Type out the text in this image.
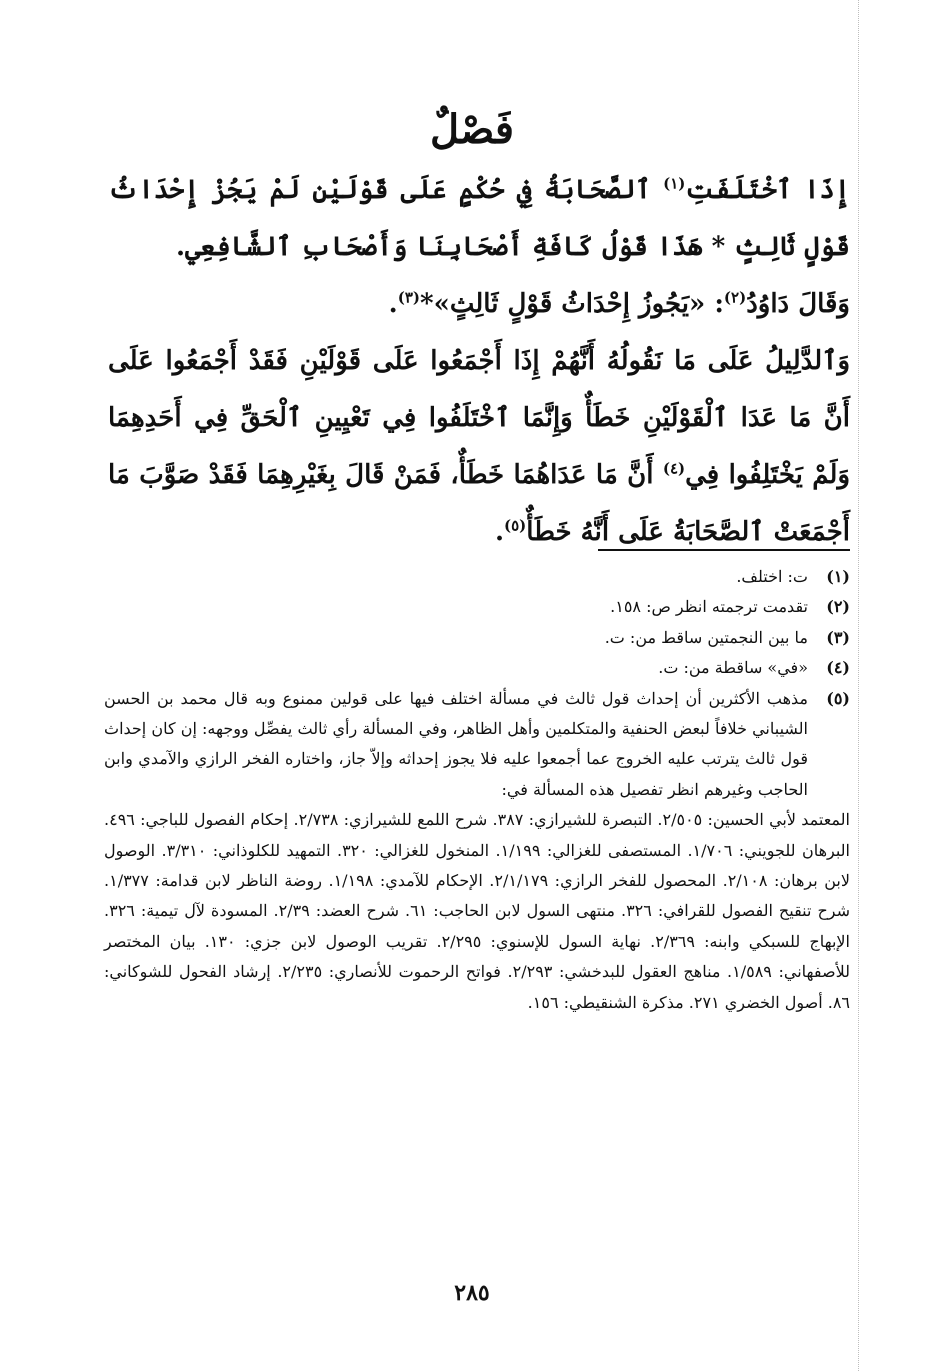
فَصْلٌ

إِذَا ٱخْتَلَفَتِ$^{(١)}$ ٱلصَّحَابَةُ فِي حُكْمٍ عَلَى قَوْلَيْنِ لَمْ يَجُزْ إِحْدَاثُ قَوْلٍ ثَالِثٍ * هَذَا قَوْلُ كَافَةِ أَصْحَابِنَا وَأَصْحَابِ ٱلشَّافِعِي.

وَقَالَ دَاوُدُ$^{(٢)}$: «يَجُوزُ إِحْدَاثُ قَوْلٍ ثَالِثٍ»*$^{(٣)}$.

وَٱلدَّلِيلُ عَلَى مَا نَقُولُهُ أَنَّهُمْ إِذَا أَجْمَعُوا عَلَى قَوْلَيْنِ فَقَدْ أَجْمَعُوا عَلَى أَنَّ مَا عَدَا ٱلْقَوْلَيْنِ خَطَأٌ وَإِنَّمَا ٱخْتَلَفُوا فِي تَعْيِينِ ٱلْحَقِّ فِي أَحَدِهِمَا وَلَمْ يَخْتَلِفُوا فِي$^{(٤)}$ أَنَّ مَا عَدَاهُمَا خَطَأٌ، فَمَنْ قَالَ بِغَيْرِهِمَا فَقَدْ صَوَّبَ مَا أَجْمَعَتْ ٱلصَّحَابَةُ عَلَى أَنَّهُ خَطَأٌ$^{(٥)}$.

(١)
ت: اختلف.
(٢)
تقدمت ترجمته انظر ص: ١٥٨.
(٣)
ما بين النجمتين ساقط من: ت.
(٤)
«في» ساقطة من: ت.
(٥)
مذهب الأكثرين أن إحداث قول ثالث في مسألة اختلف فيها على قولين ممنوع وبه قال محمد بن الحسن الشيباني خلافاً لبعض الحنفية والمتكلمين وأهل الظاهر، وفي المسألة رأي ثالث يفصِّل ووجهه: إن كان إحداث قول ثالث يترتب عليه الخروج عما أجمعوا عليه فلا يجوز إحداثه وإلاّ جاز، واختاره الفخر الرازي والآمدي وابن الحاجب وغيرهم انظر تفصيل هذه المسألة في:
المعتمد لأبي الحسين: ٢/٥٠٥. التبصرة للشيرازي: ٣٨٧. شرح اللمع للشيرازي: ٢/٧٣٨. إحكام الفصول للباجي: ٤٩٦. البرهان للجويني: ١/٧٠٦. المستصفى للغزالي: ١/١٩٩. المنخول للغزالي: ٣٢٠. التمهيد للكلوذاني: ٣/٣١٠. الوصول لابن برهان: ٢/١٠٨. المحصول للفخر الرازي: ٢/١/١٧٩. الإحكام للآمدي: ١/١٩٨. روضة الناظر لابن قدامة: ١/٣٧٧. شرح تنقيح الفصول للقرافي: ٣٢٦. منتهى السول لابن الحاجب: ٦١. شرح العضد: ٢/٣٩. المسودة لآل تيمية: ٣٢٦. الإبهاج للسبكي وابنه: ٢/٣٦٩. نهاية السول للإسنوي: ٢/٢٩٥. تقريب الوصول لابن جزي: ١٣٠. بيان المختصر للأصفهاني: ١/٥٨٩. مناهج العقول للبدخشي: ٢/٢٩٣. فواتح الرحموت للأنصاري: ٢/٢٣٥. إرشاد الفحول للشوكاني: ٨٦. أصول الخضري ٢٧١. مذكرة الشنقيطي: ١٥٦.
٢٨٥
